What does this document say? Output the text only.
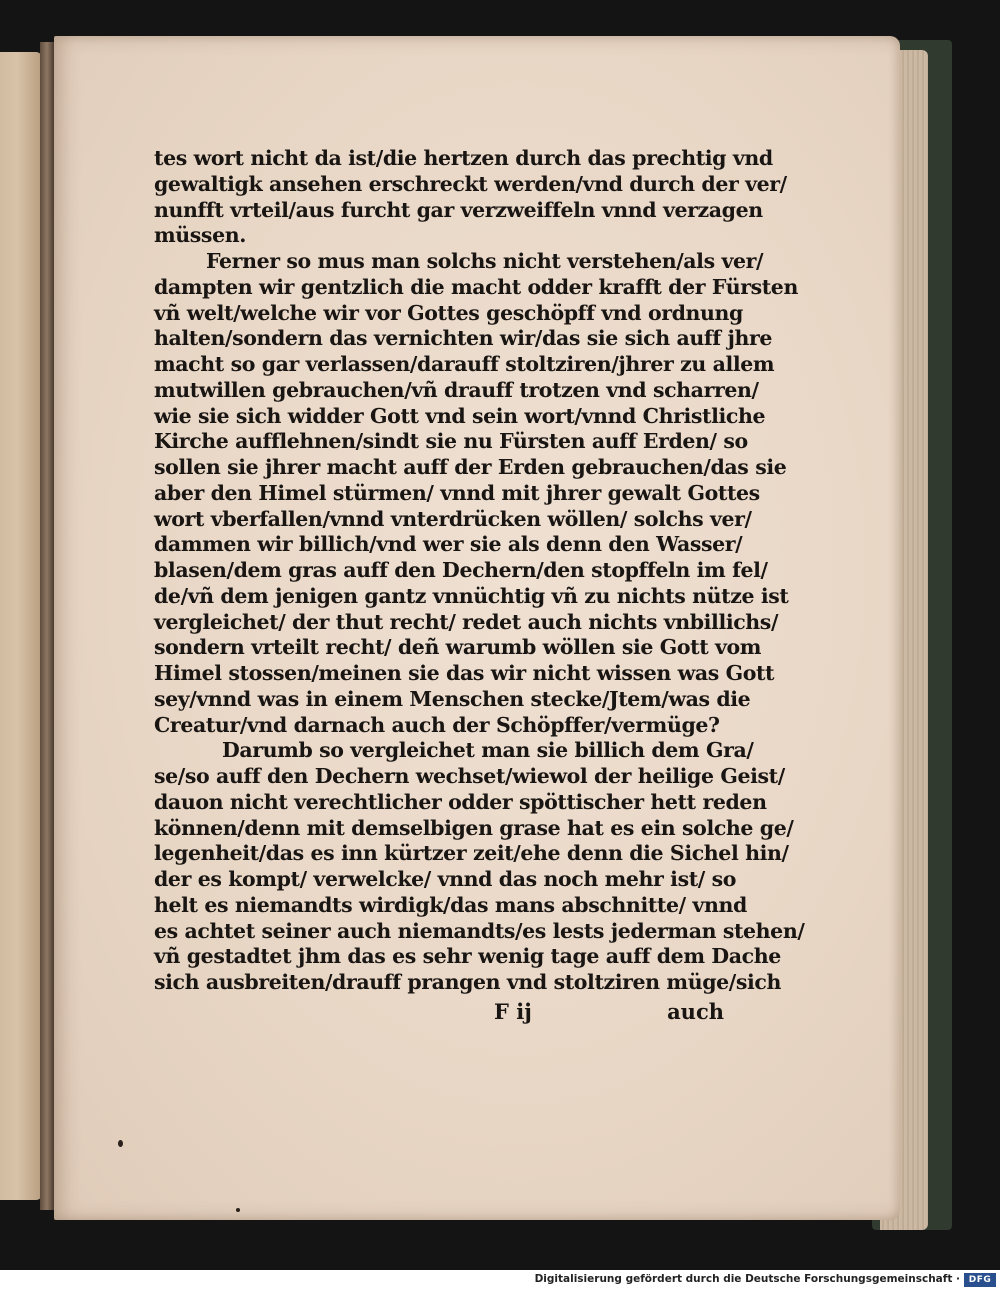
tes wort nicht da ist/die hertzen durch das prechtig vnd
gewaltigk ansehen erschreckt werden/vnd durch der ver/
nunfft vrteil/aus furcht gar verzweiffeln vnnd verzagen
müssen.
Ferner so mus man solchs nicht verstehen/als ver/
dampten wir gentzlich die macht odder krafft der Fürsten
vñ welt/welche wir vor Gottes geschöpff vnd ordnung
halten/sondern das vernichten wir/das sie sich auff jhre
macht so gar verlassen/darauff stoltziren/jhrer zu allem
mutwillen gebrauchen/vñ drauff trotzen vnd scharren/
wie sie sich widder Gott vnd sein wort/vnnd Christliche
Kirche aufflehnen/sindt sie nu Fürsten auff Erden/ so
sollen sie jhrer macht auff der Erden gebrauchen/das sie
aber den Himel stürmen/ vnnd mit jhrer gewalt Gottes
wort vberfallen/vnnd vnterdrücken wöllen/ solchs ver/
dammen wir billich/vnd wer sie als denn den Wasser/
blasen/dem gras auff den Dechern/den stopffeln im fel/
de/vñ dem jenigen gantz vnnüchtig vñ zu nichts nütze ist
vergleichet/ der thut recht/ redet auch nichts vnbillichs/
sondern vrteilt recht/ deñ warumb wöllen sie Gott vom
Himel stossen/meinen sie das wir nicht wissen was Gott
sey/vnnd was in einem Menschen stecke/Jtem/was die
Creatur/vnd darnach auch der Schöpffer/vermüge?
Darumb so vergleichet man sie billich dem Gra/
se/so auff den Dechern wechset/wiewol der heilige Geist/
dauon nicht verechtlicher odder spöttischer hett reden
können/denn mit demselbigen grase hat es ein solche ge/
legenheit/das es inn kürtzer zeit/ehe denn die Sichel hin/
der es kompt/ verwelcke/ vnnd das noch mehr ist/ so
helt es niemandts wirdigk/das mans abschnitte/ vnnd
es achtet seiner auch niemandts/es lests jederman stehen/
vñ gestadtet jhm das es sehr wenig tage auff dem Dache
sich ausbreiten/drauff prangen vnd stoltziren müge/sich
F ij	auch
Digitalisierung gefördert durch die Deutsche Forschungsgemeinschaft · DFG
